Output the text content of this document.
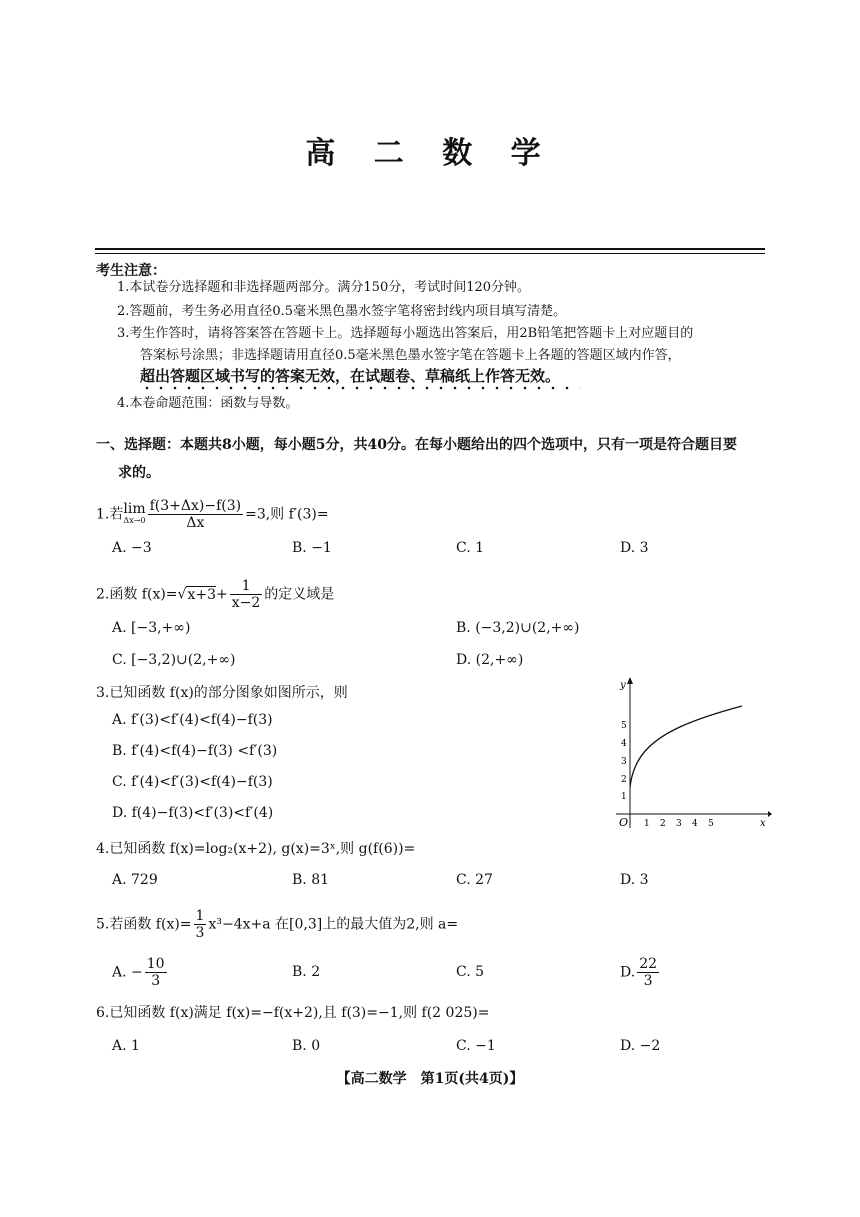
高 二 数 学
考生注意：
1.本试卷分选择题和非选择题两部分。满分150分，考试时间120分钟。
2.答题前，考生务必用直径0.5毫米黑色墨水签字笔将密封线内项目填写清楚。
3.考生作答时，请将答案答在答题卡上。选择题每小题选出答案后，用2B铅笔把答题卡上对应题目的
答案标号涂黑；非选择题请用直径0.5毫米黑色墨水签字笔在答题卡上各题的答题区域内作答，
超出答题区域书写的答案无效，在试题卷、草稿纸上作答无效。
4.本卷命题范围：函数与导数。
一、选择题：本题共8小题，每小题5分，共40分。在每小题给出的四个选项中，只有一项是符合题目要
求的。
1.若lim
$\Delta x\to 0 \frac{f(3+\Delta x)-f(3)}{\Delta x} =3$,则 f′(3)=
A. −3	B. −1	C. 1	D. 3
2.函数 $f(x)=√x+3+ \frac{1}{x-2}$ 的定义域是
A. [−3,+∞)	B. (−3,2)∪(2,+∞)
C. [−3,2)∪(2,+∞)	D. (2,+∞)
3.已知函数 f(x)的部分图象如图所示，则
A. f′(3)<f′(4)<f(4)−f(3)
B. f′(4)<f(4)−f(3) <f′(3)
C. f′(4)<f′(3)<f(4)−f(3)
D. f(4)−f(3)<f′(3)<f′(4)
y
x
O 1 2 3 4 5
1
2
3
4
5
4.已知函数 f(x)=log₂(x+2), g(x)=3ˣ,则 g(f(6))=
A. 729	B. 81	C. 27	D. 3
5.若函数 $f(x)= \frac{1}{3} x^3-4x+a$ 在[0,3]上的最大值为2,则 a=
A. − $\frac{10}{3}$	B. 2	C. 5	D. $\frac{22}{3}$
6.已知函数 f(x)满足 f(x)=−f(x+2),且 f(3)=−1,则 f(2 025)=
A. 1	B. 0	C. −1	D. −2
【高二数学　第1页(共4页)】
